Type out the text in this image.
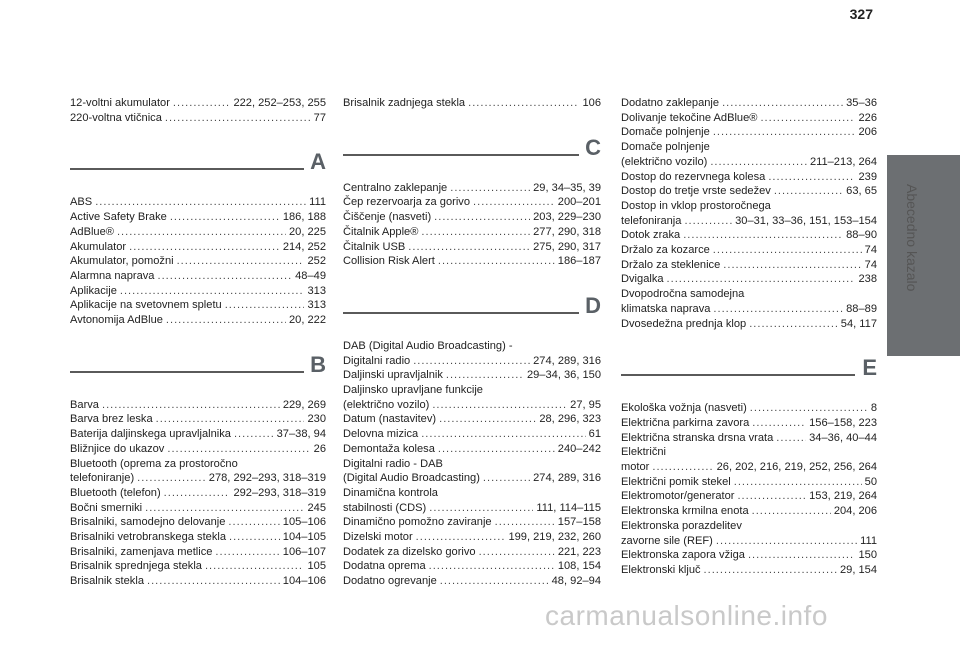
327
12-voltni akumulator .....	222, 252–253, 255
220-voltna vtičnica .....	77
A
ABS .....	111
Active Safety Brake .....	186, 188
AdBlue® .....	20, 225
Akumulator .....	214, 252
Akumulator, pomožni .....	252
Alarmna naprava .....	48–49
Aplikacije .....	313
Aplikacije na svetovnem spletu .....	313
Avtonomija AdBlue .....	20, 222
B
Barva .....	229, 269
Barva brez leska .....	230
Baterija daljinskega upravljalnika .....	37–38, 94
Bližnjice do ukazov .....	26
Bluetooth (oprema za prostoročno
telefoniranje) .....	278, 292–293, 318–319
Bluetooth (telefon) .....	292–293, 318–319
Bočni smerniki .....	245
Brisalniki, samodejno delovanje .....	105–106
Brisalniki vetrobranskega stekla .....	104–105
Brisalniki, zamenjava metlice .....	106–107
Brisalnik sprednjega stekla .....	105
Brisalnik stekla .....	104–106
Brisalnik zadnjega stekla .....	106
C
Centralno zaklepanje .....	29, 34–35, 39
Čep rezervoarja za gorivo .....	200–201
Čiščenje (nasveti) .....	203, 229–230
Čitalnik Apple® .....	277, 290, 318
Čitalnik USB .....	275, 290, 317
Collision Risk Alert .....	186–187
D
DAB (Digital Audio Broadcasting) -
Digitalni radio .....	274, 289, 316
Daljinski upravljalnik .....	29–34, 36, 150
Daljinsko upravljane funkcije
(električno vozilo) .....	27, 95
Datum (nastavitev) .....	28, 296, 323
Delovna mizica .....	61
Demontaža kolesa .....	240–242
Digitalni radio - DAB
(Digital Audio Broadcasting) .....	274, 289, 316
Dinamična kontrola
stabilnosti (CDS) .....	111, 114–115
Dinamično pomožno zaviranje .....	157–158
Dizelski motor .....	199, 219, 232, 260
Dodatek za dizelsko gorivo .....	221, 223
Dodatna oprema .....	108, 154
Dodatno ogrevanje .....	48, 92–94
Dodatno zaklepanje .....	35–36
Dolivanje tekočine AdBlue® .....	226
Domače polnjenje .....	206
Domače polnjenje
(električno vozilo) .....	211–213, 264
Dostop do rezervnega kolesa .....	239
Dostop do tretje vrste sedežev .....	63, 65
Dostop in vklop prostoročnega
telefoniranja .....	30–31, 33–36, 151, 153–154
Dotok zraka .....	88–90
Držalo za kozarce .....	74
Držalo za steklenice .....	74
Dvigalka .....	238
Dvopodročna samodejna
klimatska naprava .....	88–89
Dvosedežna prednja klop .....	54, 117
E
Ekološka vožnja (nasveti) .....	8
Električna parkirna zavora .....	156–158, 223
Električna stranska drsna vrata .....	34–36, 40–44
Električni
motor .....	26, 202, 216, 219, 252, 256, 264
Električni pomik stekel .....	50
Elektromotor/generator .....	153, 219, 264
Elektronska krmilna enota .....	204, 206
Elektronska porazdelitev
zavorne sile (REF) .....	111
Elektronska zapora vžiga .....	150
Elektronski ključ .....	29, 154
Abecedno kazalo
carmanualsonline.info
